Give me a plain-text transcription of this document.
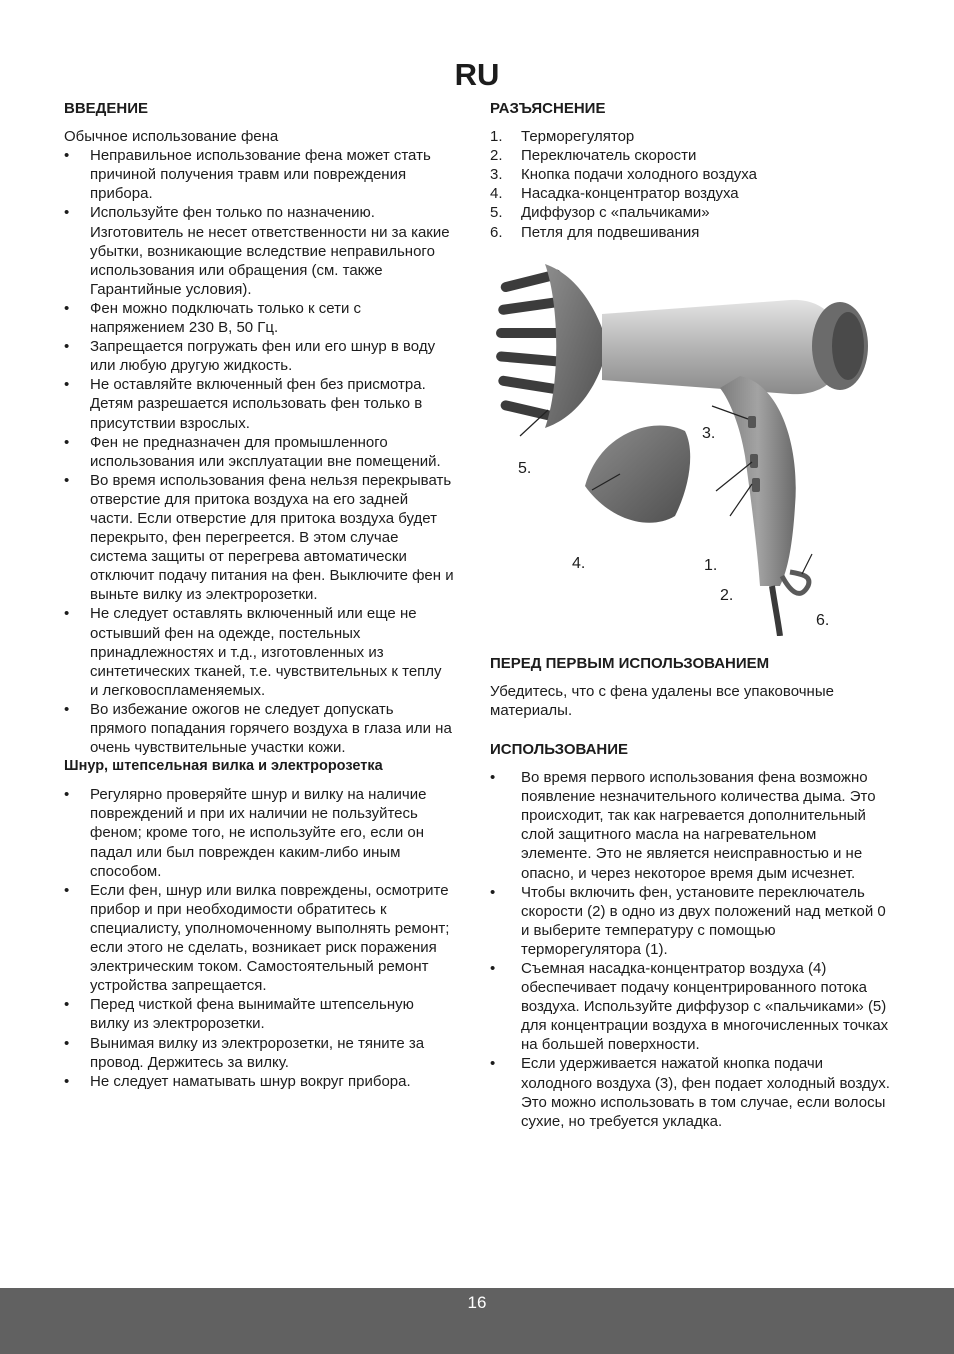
RU
ВВЕДЕНИЕ

Обычное использование фена

• Неправильное использование фена может стать причиной получения травм или повреждения прибора.
• Используйте фен только по назначению. Изготовитель не несет ответственности ни за какие убытки, возникающие вследствие неправильного использования или обращения (см. также Гарантийные условия).
• Фен можно подключать только к сети с напряжением 230 В, 50 Гц.
• Запрещается погружать фен или его шнур в воду или любую другую жидкость.
• Не оставляйте включенный фен без присмотра. Детям разрешается использовать фен только в присутствии взрослых.
• Фен не предназначен для промышленного использования или эксплуатации вне помещений.
• Во время использования фена нельзя перекрывать отверстие для притока воздуха на его задней части. Если отверстие для притока воздуха будет перекрыто, фен перегреется. В этом случае система защиты от перегрева автоматически отключит подачу питания на фен. Выключите фен и выньте вилку из электророзетки.
• Не следует оставлять включенный или еще не остывший фен на одежде, постельных принадлежностях и т.д., изготовленных из синтетических тканей, т.е. чувствительных к теплу и легковоспламеняемых.
• Во избежание ожогов не следует допускать прямого попадания горячего воздуха в глаза или на очень чувствительные участки кожи.
Шнур, штепсельная вилка и электророзетка
• Регулярно проверяйте шнур и вилку на наличие повреждений и при их наличии не пользуйтесь феном; кроме того, не используйте его, если он падал или был поврежден каким-либо иным способом.
• Если фен, шнур или вилка повреждены, осмотрите прибор и при необходимости обратитесь к специалисту, уполномоченному выполнять ремонт; если этого не сделать, возникает риск поражения электрическим током. Самостоятельный ремонт устройства запрещается.
• Перед чисткой фена вынимайте штепсельную вилку из электророзетки.
• Вынимая вилку из электророзетки, не тяните за провод. Держитесь за вилку.
• Не следует наматывать шнур вокруг прибора.
РАЗЪЯСНЕНИЕ
1.	Терморегулятор
2.	Переключатель скорости
3.	Кнопка подачи холодного воздуха
4.	Насадка-концентратор воздуха
5.	Диффузор с «пальчиками»
6.	Петля для подвешивания
1.
2.
3.
4.
5.
6.
ПЕРЕД ПЕРВЫМ ИСПОЛЬЗОВАНИЕМ

Убедитесь, что с фена удалены все упаковочные материалы.

ИСПОЛЬЗОВАНИЕ
• Во время первого использования фена возможно появление незначительного количества дыма. Это происходит, так как нагревается дополнительный слой защитного масла на нагревательном элементе. Это не является неисправностью и не опасно, и через некоторое время дым исчезнет.
• Чтобы включить фен, установите переключатель скорости (2) в одно из двух положений над меткой 0 и выберите температуру с помощью терморегулятора (1).
• Съемная насадка-концентратор воздуха (4) обеспечивает подачу концентрированного потока воздуха. Используйте диффузор с «пальчиками» (5) для концентрации воздуха в многочисленных точках на большей поверхности.
• Если удерживается нажатой кнопка подачи холодного воздуха (3), фен подает холодный воздух. Это можно использовать в том случае, если волосы сухие, но требуется укладка.
16
